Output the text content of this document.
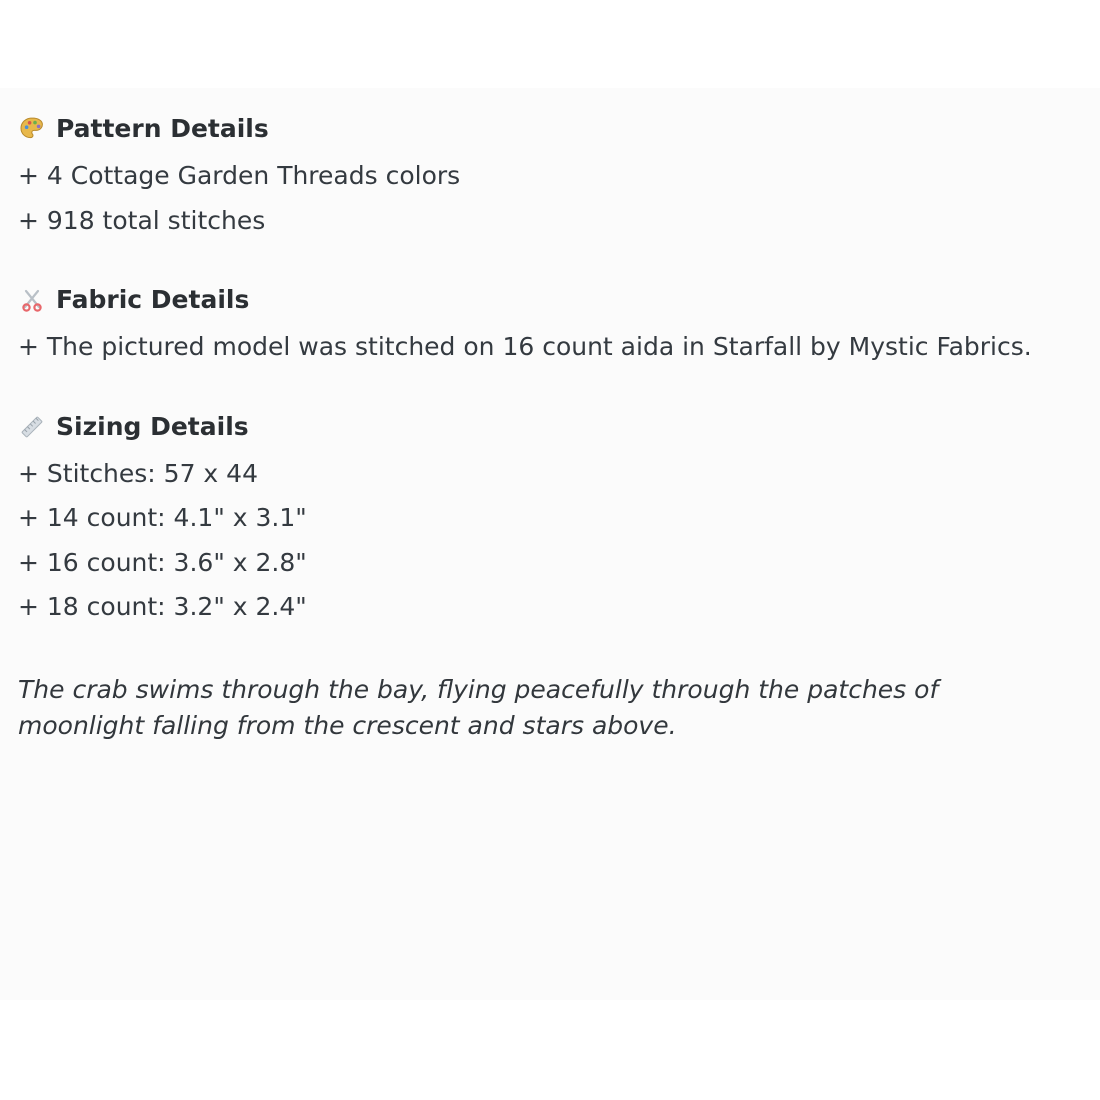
Pattern Details

+ 4 Cottage Garden Threads colors

+ 918 total stitches

Fabric Details

+ The pictured model was stitched on 16 count aida in Starfall by Mystic Fabrics.

Sizing Details

+ Stitches: 57 x 44

+ 14 count: 4.1" x 3.1"

+ 16 count: 3.6" x 2.8"

+ 18 count: 3.2" x 2.4"

The crab swims through the bay, flying peacefully through the patches of moonlight falling from the crescent and stars above.
